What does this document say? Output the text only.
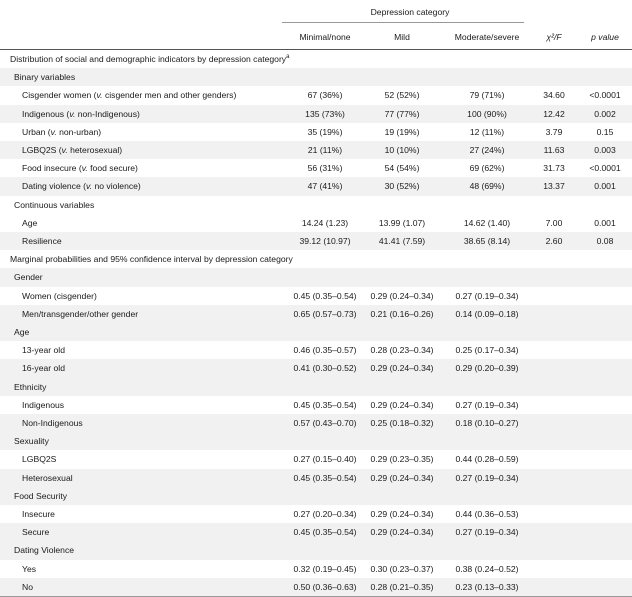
Depression category
Minimal/none	Mild	Moderate/severe	χ²/F	p value
Distribution of social and demographic indicators by depression category$^a$
Binary variables
Cisgender women (v. cisgender men and other genders)	67 (36%)	52 (52%)	79 (71%)	34.60	<0.0001
Indigenous (v. non-Indigenous)	135 (73%)	77 (77%)	100 (90%)	12.42	0.002
Urban (v. non-urban)	35 (19%)	19 (19%)	12 (11%)	3.79	0.15
LGBQ2S (v. heterosexual)	21 (11%)	10 (10%)	27 (24%)	11.63	0.003
Food insecure (v. food secure)	56 (31%)	54 (54%)	69 (62%)	31.73	<0.0001
Dating violence (v. no violence)	47 (41%)	30 (52%)	48 (69%)	13.37	0.001
Continuous variables
Age	14.24 (1.23)	13.99 (1.07)	14.62 (1.40)	7.00	0.001
Resilience	39.12 (10.97)	41.41 (7.59)	38.65 (8.14)	2.60	0.08
Marginal probabilities and 95% confidence interval by depression category
Gender
Women (cisgender)	0.45 (0.35–0.54)	0.29 (0.24–0.34)	0.27 (0.19–0.34)
Men/transgender/other gender	0.65 (0.57–0.73)	0.21 (0.16–0.26)	0.14 (0.09–0.18)
Age
13-year old	0.46 (0.35–0.57)	0.28 (0.23–0.34)	0.25 (0.17–0.34)
16-year old	0.41 (0.30–0.52)	0.29 (0.24–0.34)	0.29 (0.20–0.39)
Ethnicity
Indigenous	0.45 (0.35–0.54)	0.29 (0.24–0.34)	0.27 (0.19–0.34)
Non-Indigenous	0.57 (0.43–0.70)	0.25 (0.18–0.32)	0.18 (0.10–0.27)
Sexuality
LGBQ2S	0.27 (0.15–0.40)	0.29 (0.23–0.35)	0.44 (0.28–0.59)
Heterosexual	0.45 (0.35–0.54)	0.29 (0.24–0.34)	0.27 (0.19–0.34)
Food Security
Insecure	0.27 (0.20–0.34)	0.29 (0.24–0.34)	0.44 (0.36–0.53)
Secure	0.45 (0.35–0.54)	0.29 (0.24–0.34)	0.27 (0.19–0.34)
Dating Violence
Yes	0.32 (0.19–0.45)	0.30 (0.23–0.37)	0.38 (0.24–0.52)
No	0.50 (0.36–0.63)	0.28 (0.21–0.35)	0.23 (0.13–0.33)
